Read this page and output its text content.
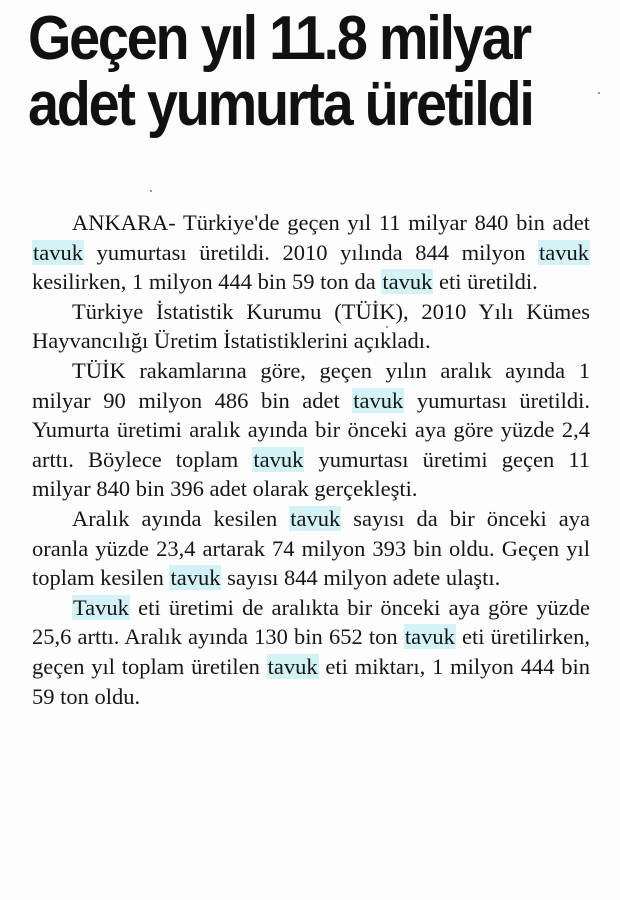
Geçen yıl 11.8 milyar
adet yumurta üretildi

ANKARA- Türkiye'de geçen yıl 11 milyar 840 bin adet tavuk yumurtası üretildi. 2010 yılında 844 milyon tavuk kesilirken, 1 milyon 444 bin 59 ton da tavuk eti üretildi.

Türkiye İstatistik Kurumu (TÜİK), 2010 Yılı Kümes Hayvancılığı Üretim İstatistiklerini açıkladı.

TÜİK rakamlarına göre, geçen yılın aralık ayında 1 milyar 90 milyon 486 bin adet tavuk yumurtası üretildi. Yumurta üretimi aralık ayında bir önceki aya göre yüzde 2,4 arttı. Böylece toplam tavuk yumurtası üretimi geçen 11 milyar 840 bin 396 adet olarak gerçekleşti.

Aralık ayında kesilen tavuk sayısı da bir önceki aya oranla yüzde 23,4 artarak 74 milyon 393 bin oldu. Geçen yıl toplam kesilen tavuk sayısı 844 milyon adete ulaştı.

Tavuk eti üretimi de aralıkta bir önceki aya göre yüzde 25,6 arttı. Aralık ayında 130 bin 652 ton tavuk eti üretilirken, geçen yıl toplam üretilen tavuk eti miktarı, 1 milyon 444 bin 59 ton oldu.
